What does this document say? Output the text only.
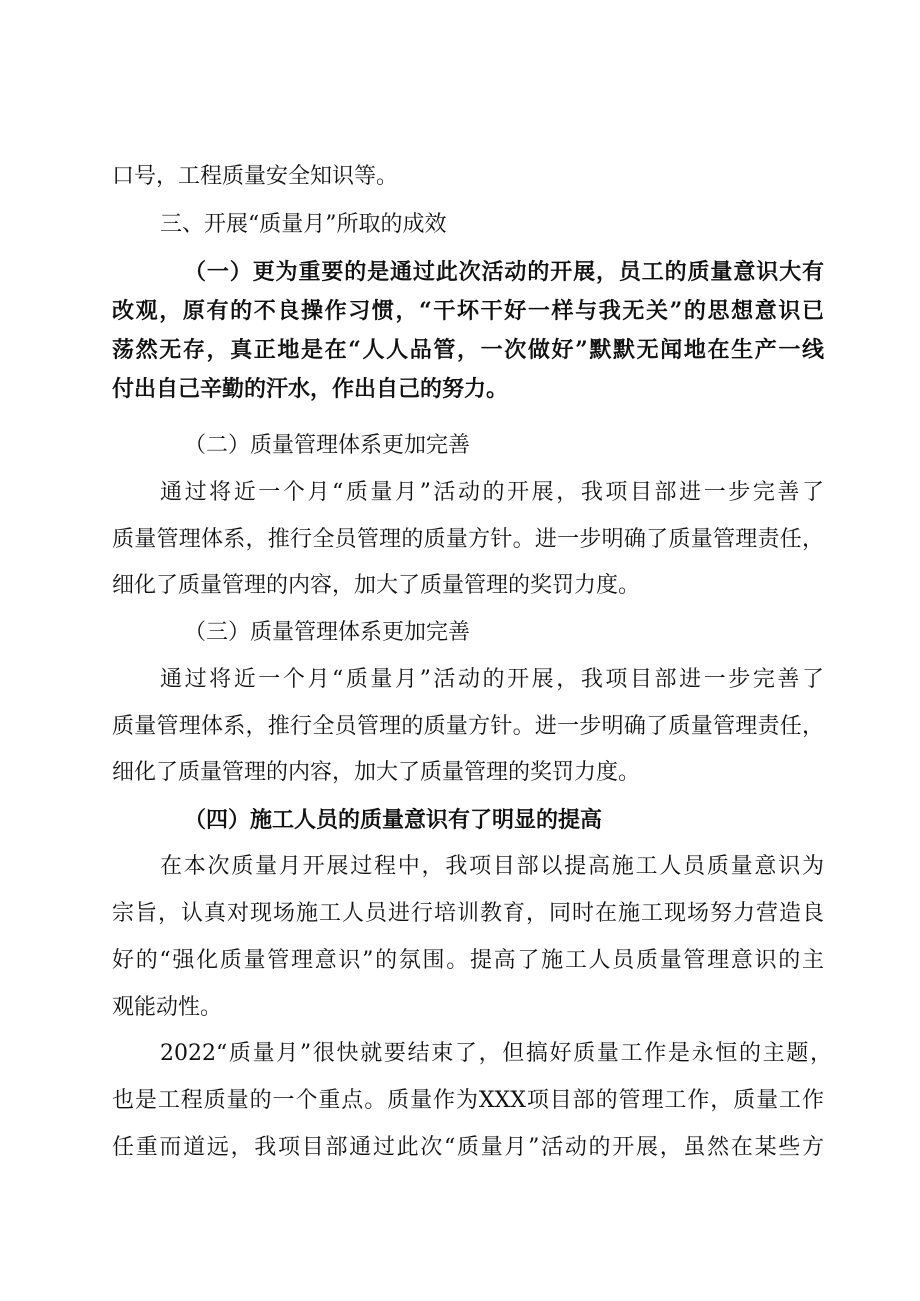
口号，工程质量安全知识等。
三、开展“质量月”所取的成效
（一）更为重要的是通过此次活动的开展，员工的质量意识大有
改观，原有的不良操作习惯，“干坏干好一样与我无关”的思想意识已
荡然无存，真正地是在“人人品管，一次做好”默默无闻地在生产一线
付出自己辛勤的汗水，作出自己的努力。
（二）质量管理体系更加完善
通过将近一个月“质量月”活动的开展，我项目部进一步完善了
质量管理体系，推行全员管理的质量方针。进一步明确了质量管理责任，
细化了质量管理的内容，加大了质量管理的奖罚力度。
（三）质量管理体系更加完善
通过将近一个月“质量月”活动的开展，我项目部进一步完善了
质量管理体系，推行全员管理的质量方针。进一步明确了质量管理责任，
细化了质量管理的内容，加大了质量管理的奖罚力度。
（四）施工人员的质量意识有了明显的提高
在本次质量月开展过程中，我项目部以提高施工人员质量意识为
宗旨，认真对现场施工人员进行培训教育，同时在施工现场努力营造良
好的“强化质量管理意识”的氛围。提高了施工人员质量管理意识的主
观能动性。
2022“质量月”很快就要结束了，但搞好质量工作是永恒的主题，
也是工程质量的一个重点。质量作为XXX项目部的管理工作，质量工作
任重而道远，我项目部通过此次“质量月”活动的开展，虽然在某些方
